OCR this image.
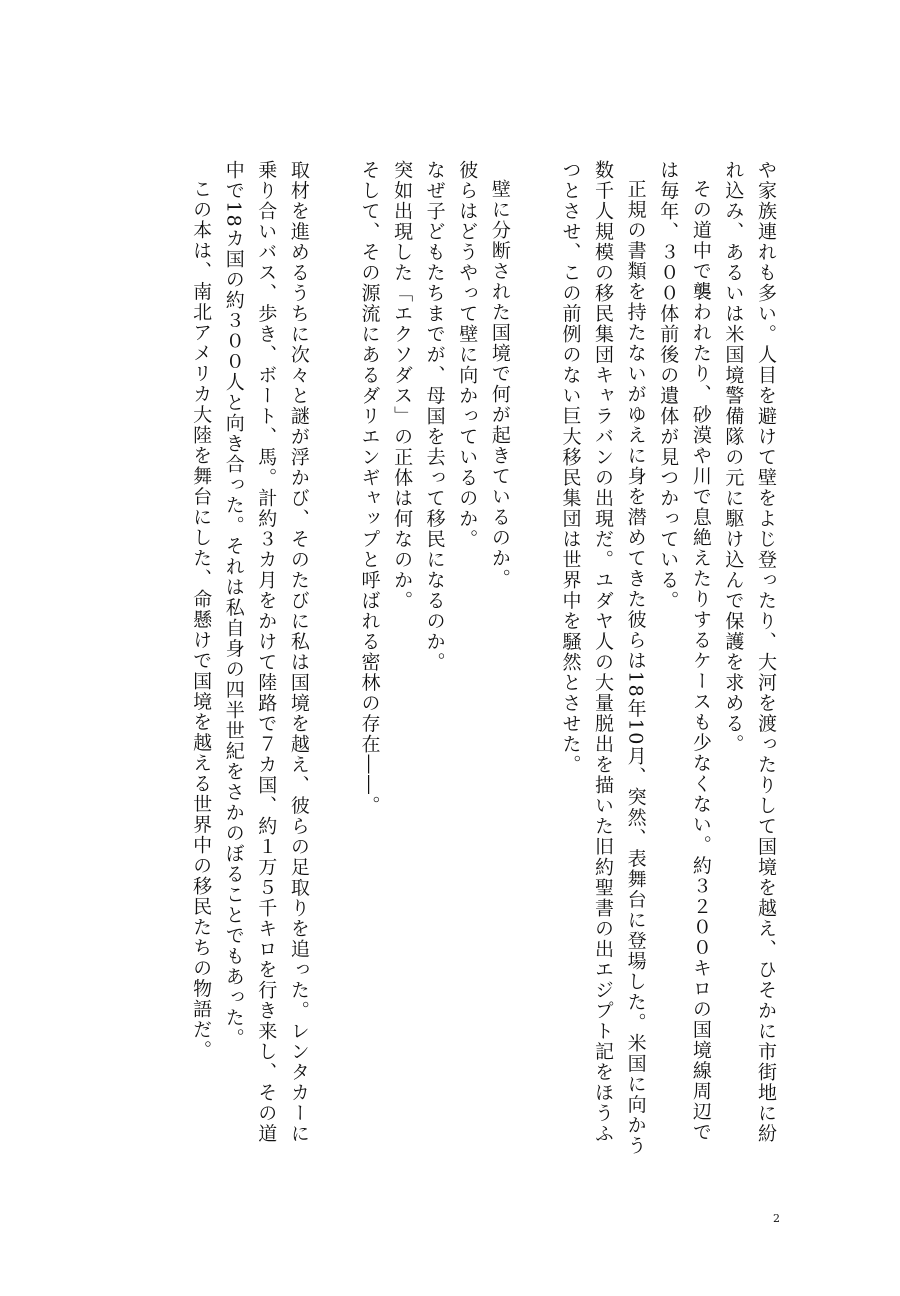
や家族連れも多い。人目を避けて壁をよじ登ったり、大河を渡ったりして国境を越え、ひそかに市街地に紛れ込み、あるいは米国境警備隊の元に駆け込んで保護を求める。

その道中で襲われたり、砂漠や川で息絶えたりするケースも少なくない。約３２００キロの国境線周辺では毎年、３００体前後の遺体が見つかっている。

正規の書類を持たないがゆえに身を潜めてきた彼らは18年10月、突然、表舞台に登場した。米国に向かう数千人規模の移民集団キャラバンの出現だ。ユダヤ人の大量脱出を描いた旧約聖書の出エジプト記をほうふつとさせ、この前例のない巨大移民集団は世界中を騒然とさせた。

壁に分断された国境で何が起きているのか。

彼らはどうやって壁に向かっているのか。

なぜ子どもたちまでが、母国を去って移民になるのか。

突如出現した「エクソダス」の正体は何なのか。

そして、その源流にあるダリエンギャップと呼ばれる密林の存在――。

取材を進めるうちに次々と謎が浮かび、そのたびに私は国境を越え、彼らの足取りを追った。レンタカーに乗り合いバス、歩き、ボート、馬。計約３カ月をかけて陸路で７カ国、約１万５千キロを行き来し、その道中で18カ国の約３００人と向き合った。それは私自身の四半世紀をさかのぼることでもあった。

この本は、南北アメリカ大陸を舞台にした、命懸けで国境を越える世界中の移民たちの物語だ。

2
